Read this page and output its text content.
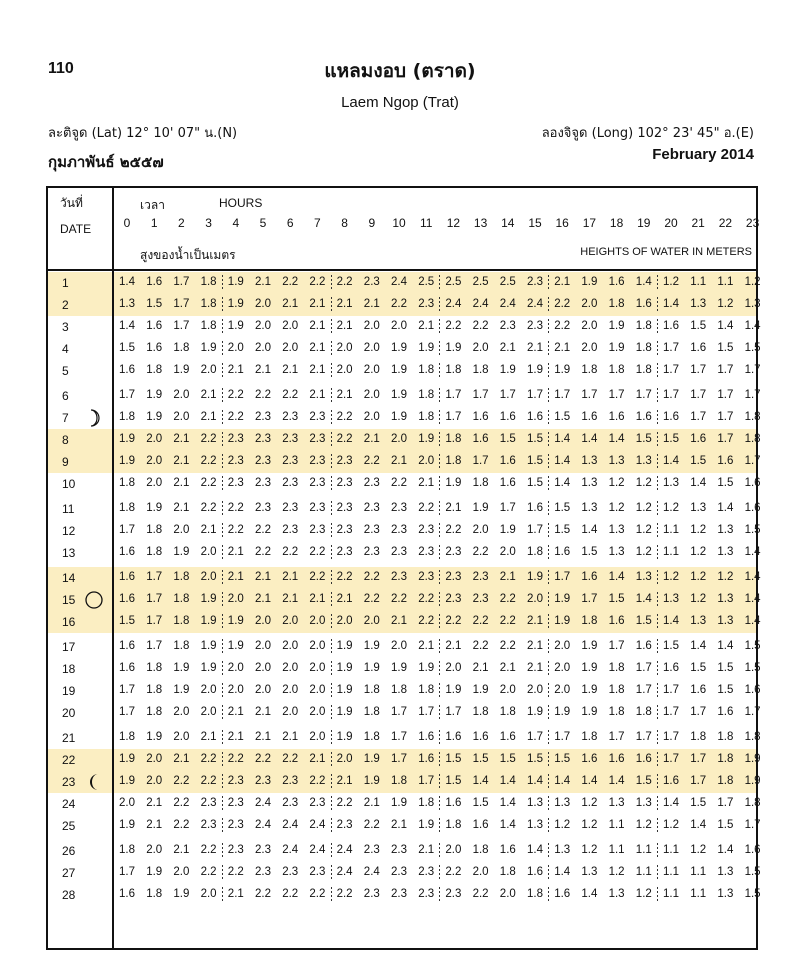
110	แหลมงอบ (ตราด)
Laem Ngop (Trat)
ละติจูด (Lat) 12° 10' 07" น.(N)	ลองจิจูด (Long) 102° 23' 45" อ.(E)
กุมภาพันธ์ ๒๕๕๗	February 2014
วันที่
DATE
เวลา	HOURS
0	1	2	3	4	5	6	7	8	9	10	11	12	13	14	15	16	17	18	19	20	21	22	23
สูงของน้ำเป็นเมตร	HEIGHTS OF WATER IN METERS
1	1.4 1.6 1.7 1.8 1.9 2.1 2.2 2.2 2.2 2.3 2.4 2.5 2.5 2.5 2.5 2.3 2.1 1.9 1.6 1.4 1.2 1.1 1.1 1.2
2	1.3 1.5 1.7 1.8 1.9 2.0 2.1 2.1 2.1 2.1 2.2 2.3 2.4 2.4 2.4 2.4 2.2 2.0 1.8 1.6 1.4 1.3 1.2 1.3
3	1.4 1.6 1.7 1.8 1.9 2.0 2.0 2.1 2.1 2.0 2.0 2.1 2.2 2.2 2.3 2.3 2.2 2.0 1.9 1.8 1.6 1.5 1.4 1.4
4	1.5 1.6 1.8 1.9 2.0 2.0 2.0 2.1 2.0 2.0 1.9 1.9 1.9 2.0 2.1 2.1 2.1 2.0 1.9 1.8 1.7 1.6 1.5 1.5
5	1.6 1.8 1.9 2.0 2.1 2.1 2.1 2.1 2.0 2.0 1.9 1.8 1.8 1.8 1.9 1.9 1.9 1.8 1.8 1.8 1.7 1.7 1.7 1.7
6	1.7 1.9 2.0 2.1 2.2 2.2 2.2 2.1 2.1 2.0 1.9 1.8 1.7 1.7 1.7 1.7 1.7 1.7 1.7 1.7 1.7 1.7 1.7 1.7
7	1.8 1.9 2.0 2.1 2.2 2.3 2.3 2.3 2.2 2.0 1.9 1.8 1.7 1.6 1.6 1.6 1.5 1.6 1.6 1.6 1.6 1.7 1.7 1.8
8	1.9 2.0 2.1 2.2 2.3 2.3 2.3 2.3 2.2 2.1 2.0 1.9 1.8 1.6 1.5 1.5 1.4 1.4 1.4 1.5 1.5 1.6 1.7 1.8
9	1.9 2.0 2.1 2.2 2.3 2.3 2.3 2.3 2.3 2.2 2.1 2.0 1.8 1.7 1.6 1.5 1.4 1.3 1.3 1.3 1.4 1.5 1.6 1.7
10	1.8 2.0 2.1 2.2 2.3 2.3 2.3 2.3 2.3 2.3 2.2 2.1 1.9 1.8 1.6 1.5 1.4 1.3 1.2 1.2 1.3 1.4 1.5 1.6
11	1.8 1.9 2.1 2.2 2.2 2.3 2.3 2.3 2.3 2.3 2.3 2.2 2.1 1.9 1.7 1.6 1.5 1.3 1.2 1.2 1.2 1.3 1.4 1.6
12	1.7 1.8 2.0 2.1 2.2 2.2 2.3 2.3 2.3 2.3 2.3 2.3 2.2 2.0 1.9 1.7 1.5 1.4 1.3 1.2 1.1 1.2 1.3 1.5
13	1.6 1.8 1.9 2.0 2.1 2.2 2.2 2.2 2.3 2.3 2.3 2.3 2.3 2.2 2.0 1.8 1.6 1.5 1.3 1.2 1.1 1.2 1.3 1.4
14	1.6 1.7 1.8 2.0 2.1 2.1 2.1 2.2 2.2 2.2 2.3 2.3 2.3 2.3 2.1 1.9 1.7 1.6 1.4 1.3 1.2 1.2 1.2 1.4
15	1.6 1.7 1.8 1.9 2.0 2.1 2.1 2.1 2.1 2.2 2.2 2.2 2.3 2.3 2.2 2.0 1.9 1.7 1.5 1.4 1.3 1.2 1.3 1.4
16	1.5 1.7 1.8 1.9 1.9 2.0 2.0 2.0 2.0 2.0 2.1 2.2 2.2 2.2 2.2 2.1 1.9 1.8 1.6 1.5 1.4 1.3 1.3 1.4
17	1.6 1.7 1.8 1.9 1.9 2.0 2.0 2.0 1.9 1.9 2.0 2.1 2.1 2.2 2.2 2.1 2.0 1.9 1.7 1.6 1.5 1.4 1.4 1.5
18	1.6 1.8 1.9 1.9 2.0 2.0 2.0 2.0 1.9 1.9 1.9 1.9 2.0 2.1 2.1 2.1 2.0 1.9 1.8 1.7 1.6 1.5 1.5 1.5
19	1.7 1.8 1.9 2.0 2.0 2.0 2.0 2.0 1.9 1.8 1.8 1.8 1.9 1.9 2.0 2.0 2.0 1.9 1.8 1.7 1.7 1.6 1.5 1.6
20	1.7 1.8 2.0 2.0 2.1 2.1 2.0 2.0 1.9 1.8 1.7 1.7 1.7 1.8 1.8 1.9 1.9 1.9 1.8 1.8 1.7 1.7 1.6 1.7
21	1.8 1.9 2.0 2.1 2.1 2.1 2.1 2.0 1.9 1.8 1.7 1.6 1.6 1.6 1.6 1.7 1.7 1.8 1.7 1.7 1.7 1.8 1.8 1.8
22	1.9 2.0 2.1 2.2 2.2 2.2 2.2 2.1 2.0 1.9 1.7 1.6 1.5 1.5 1.5 1.5 1.5 1.6 1.6 1.6 1.7 1.7 1.8 1.9
23	1.9 2.0 2.2 2.2 2.3 2.3 2.3 2.2 2.1 1.9 1.8 1.7 1.5 1.4 1.4 1.4 1.4 1.4 1.4 1.5 1.6 1.7 1.8 1.9
24	2.0 2.1 2.2 2.3 2.3 2.4 2.3 2.3 2.2 2.1 1.9 1.8 1.6 1.5 1.4 1.3 1.3 1.2 1.3 1.3 1.4 1.5 1.7 1.8
25	1.9 2.1 2.2 2.3 2.3 2.4 2.4 2.4 2.3 2.2 2.1 1.9 1.8 1.6 1.4 1.3 1.2 1.2 1.1 1.2 1.2 1.4 1.5 1.7
26	1.8 2.0 2.1 2.2 2.3 2.3 2.4 2.4 2.4 2.3 2.3 2.1 2.0 1.8 1.6 1.4 1.3 1.2 1.1 1.1 1.1 1.2 1.4 1.6
27	1.7 1.9 2.0 2.2 2.2 2.3 2.3 2.3 2.4 2.4 2.3 2.3 2.2 2.0 1.8 1.6 1.4 1.3 1.2 1.1 1.1 1.1 1.3 1.5
28	1.6 1.8 1.9 2.0 2.1 2.2 2.2 2.2 2.2 2.3 2.3 2.3 2.3 2.2 2.0 1.8 1.6 1.4 1.3 1.2 1.1 1.1 1.3 1.5
